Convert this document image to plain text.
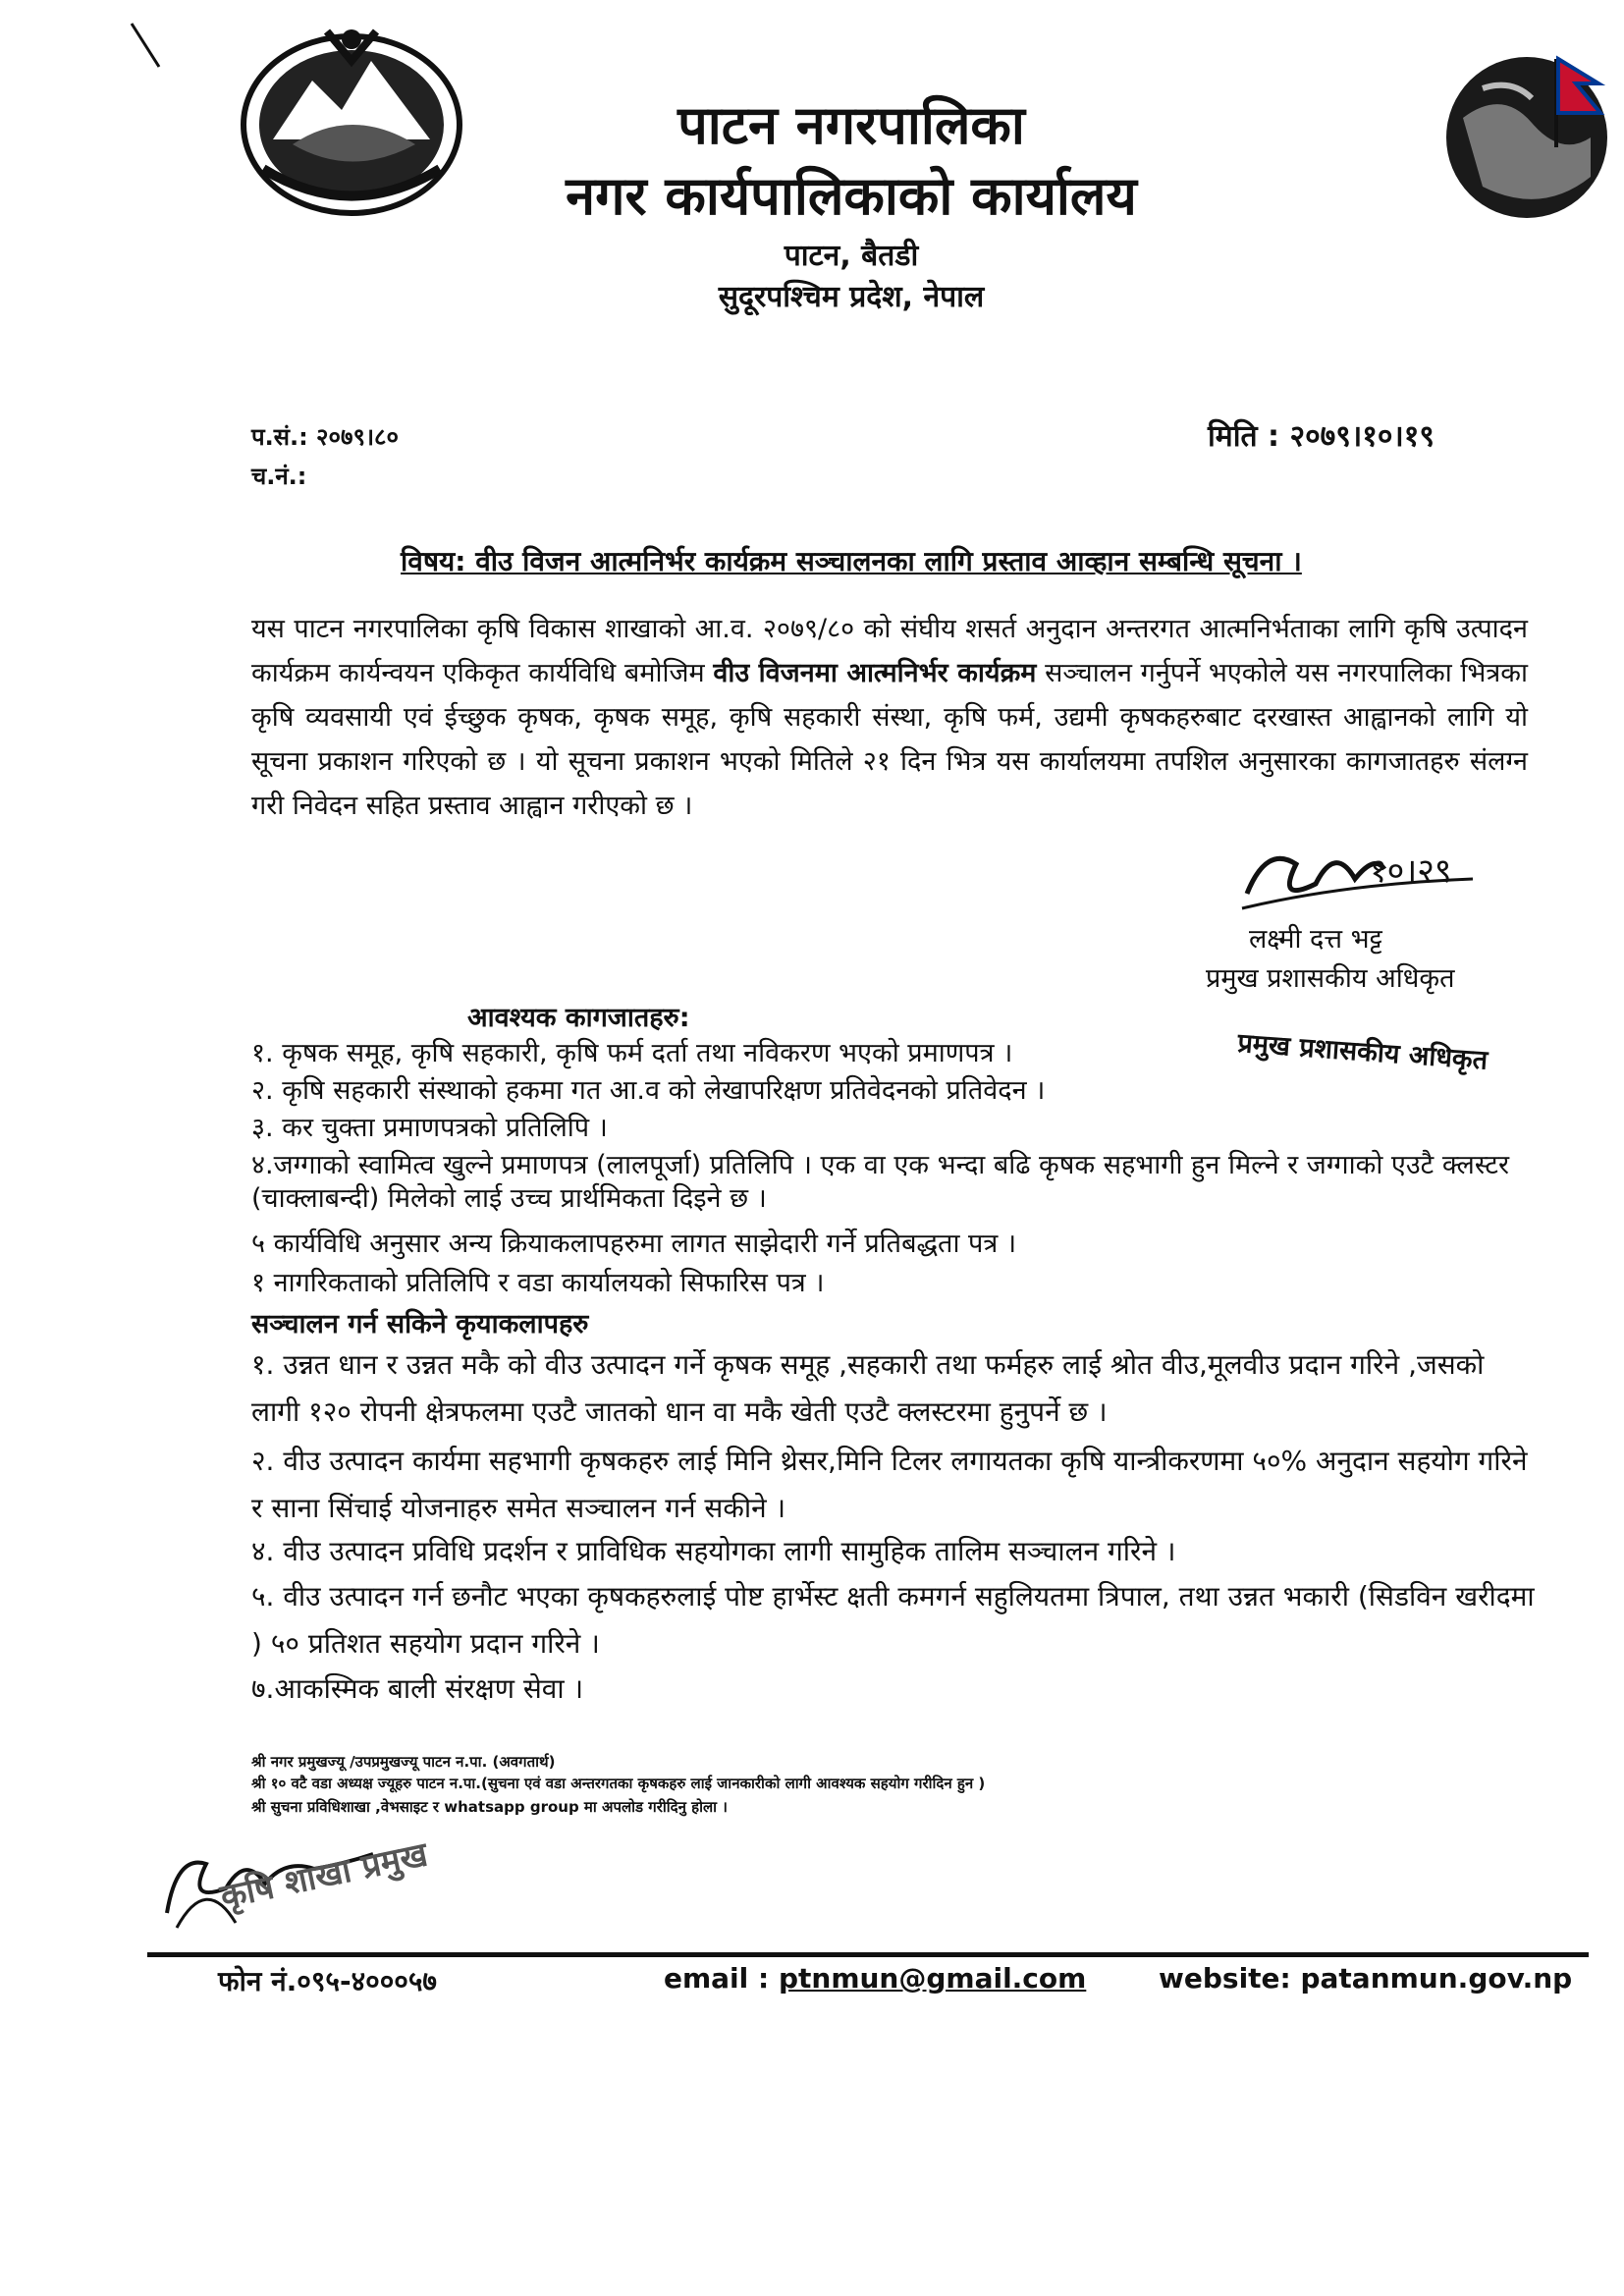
पाटन नगरपालिका
नगर कार्यपालिकाको कार्यालय
पाटन, बैतडी
सुदूरपश्चिम प्रदेश, नेपाल
प.सं.: २०७९।८०
च.नं.:
मिति : २०७९।१०।१९
विषय: वीउ विजन आत्मनिर्भर कार्यक्रम सञ्चालनका लागि प्रस्ताव आव्हान सम्बन्धि सूचना ।
यस पाटन नगरपालिका कृषि विकास शाखाको आ.व. २०७९/८० को संघीय शसर्त अनुदान अन्तरगत आत्मनिर्भताका लागि कृषि उत्पादन कार्यक्रम कार्यन्वयन एकिकृत कार्यविधि बमोजिम वीउ विजनमा आत्मनिर्भर कार्यक्रम सञ्चालन गर्नुपर्ने भएकोले यस नगरपालिका भित्रका कृषि व्यवसायी एवं ईच्छुक कृषक, कृषक समूह, कृषि सहकारी संस्था, कृषि फर्म, उद्यमी कृषकहरुबाट दरखास्त आह्वानको लागि यो सूचना प्रकाशन गरिएको छ । यो सूचना प्रकाशन भएको मितिले २१ दिन भित्र यस कार्यालयमा तपशिल अनुसारका कागजातहरु संलग्न गरी निवेदन सहित प्रस्ताव आह्वान गरीएको छ ।
१०।२९
लक्ष्मी दत्त भट्ट
प्रमुख प्रशासकीय अधिकृत
प्रमुख प्रशासकीय अधिकृत
आवश्यक कागजातहरु:
१. कृषक समूह, कृषि सहकारी, कृषि फर्म दर्ता तथा नविकरण भएको प्रमाणपत्र ।
२. कृषि सहकारी संस्थाको हकमा गत आ.व को लेखापरिक्षण प्रतिवेदनको प्रतिवेदन ।
३. कर चुक्ता प्रमाणपत्रको प्रतिलिपि ।
४.जग्गाको स्वामित्व खुल्ने प्रमाणपत्र (लालपूर्जा) प्रतिलिपि । एक वा एक भन्दा बढि कृषक सहभागी हुन मिल्ने र जग्गाको एउटै क्लस्टर (चाक्लाबन्दी) मिलेको लाई उच्च प्रार्थमिकता दिइने छ ।
५ कार्यविधि अनुसार अन्य क्रियाकलापहरुमा लागत साझेदारी गर्ने प्रतिबद्धता पत्र ।
१ नागरिकताको प्रतिलिपि र वडा कार्यालयको सिफारिस पत्र ।
सञ्चालन गर्न सकिने कृयाकलापहरु
१. उन्नत धान र उन्नत मकै को वीउ उत्पादन गर्ने कृषक समूह ,सहकारी तथा फर्महरु लाई श्रोत वीउ,मूलवीउ प्रदान गरिने ,जसको लागी १२० रोपनी क्षेत्रफलमा एउटै जातको धान वा मकै खेती एउटै क्लस्टरमा हुनुपर्ने छ ।
२. वीउ उत्पादन कार्यमा सहभागी कृषकहरु लाई मिनि थ्रेसर,मिनि टिलर लगायतका कृषि यान्त्रीकरणमा ५०% अनुदान सहयोग गरिने र साना सिंचाई योजनाहरु समेत सञ्चालन गर्न सकीने ।
४. वीउ उत्पादन प्रविधि प्रदर्शन र प्राविधिक सहयोगका लागी सामुहिक तालिम सञ्चालन गरिने ।
५. वीउ उत्पादन गर्न छनौट भएका कृषकहरुलाई पोष्ट हार्भेस्ट क्षती कमगर्न सहुलियतमा त्रिपाल, तथा उन्नत भकारी (सिडविन खरीदमा ) ५० प्रतिशत सहयोग प्रदान गरिने ।
७.आकस्मिक बाली संरक्षण सेवा ।
श्री नगर प्रमुखज्यू /उपप्रमुखज्यू पाटन न.पा. (अवगतार्थ)
श्री १० वटै वडा अध्यक्ष ज्यूहरु पाटन न.पा.(सुचना एवं वडा अन्तरगतका कृषकहरु लाई जानकारीको लागी आवश्यक सहयोग गरीदिन हुन )
श्री सुचना प्रविधिशाखा ,वेभसाइट र whatsapp group मा अपलोड गरीदिनु होला ।
कृषि शाखा प्रमुख
फोन नं.०९५-४०००५७	email : ptnmun@gmail.com	website: patanmun.gov.np
